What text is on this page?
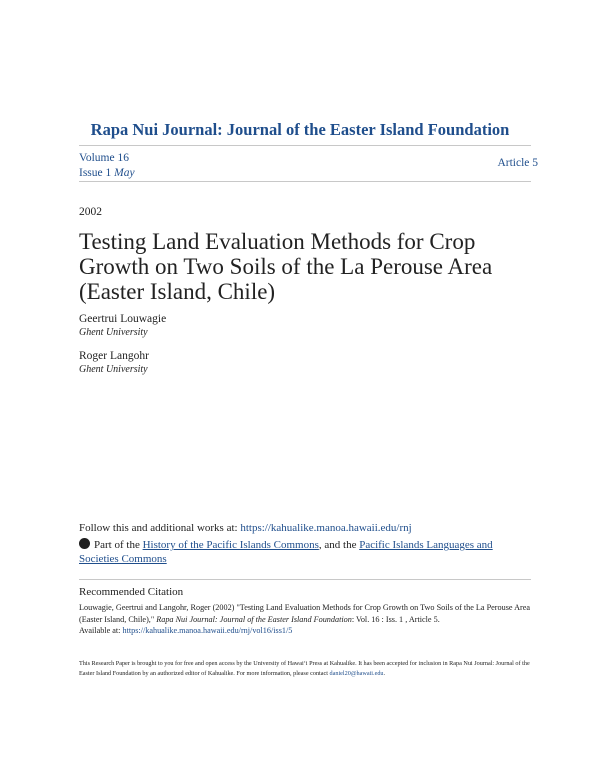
Rapa Nui Journal: Journal of the Easter Island Foundation
Volume 16
Issue 1 May
Article 5
2002
Testing Land Evaluation Methods for Crop Growth on Two Soils of the La Perouse Area (Easter Island, Chile)
Geertrui Louwagie
Ghent University
Roger Langohr
Ghent University
Follow this and additional works at: https://kahualike.manoa.hawaii.edu/rnj
Part of the History of the Pacific Islands Commons, and the Pacific Islands Languages and Societies Commons
Recommended Citation
Louwagie, Geertrui and Langohr, Roger (2002) "Testing Land Evaluation Methods for Crop Growth on Two Soils of the La Perouse Area (Easter Island, Chile)," Rapa Nui Journal: Journal of the Easter Island Foundation: Vol. 16 : Iss. 1 , Article 5.
Available at: https://kahualike.manoa.hawaii.edu/rnj/vol16/iss1/5
This Research Paper is brought to you for free and open access by the University of Hawaiʻi Press at Kahualike. It has been accepted for inclusion in Rapa Nui Journal: Journal of the Easter Island Foundation by an authorized editor of Kahualike. For more information, please contact daniel20@hawaii.edu.
